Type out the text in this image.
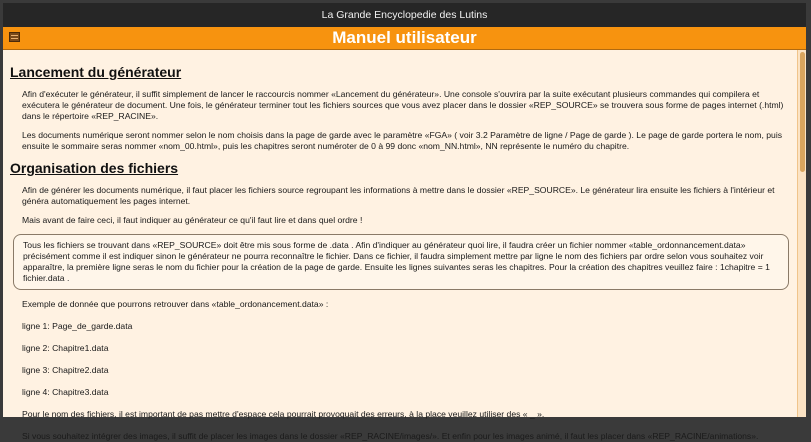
La Grande Encyclopedie des Lutins
Manuel utilisateur
Lancement du générateur

Afin d'exécuter le générateur, il suffit simplement de lancer le raccourcis nommer «Lancement du générateur». Une console s'ouvrira par la suite exécutant plusieurs commandes qui compilera et exécutera le générateur de document. Une fois, le générateur terminer tout les fichiers sources que vous avez placer dans le dossier «REP_SOURCE» se trouvera sous forme de pages internet (.html) dans le répertoire «REP_RACINE».

Les documents numérique seront nommer selon le nom choisis dans la page de garde avec le paramètre «FGA» ( voir 3.2 Paramètre de ligne / Page de garde ). Le page de garde portera le nom, puis ensuite le sommaire seras nommer «nom_00.html», puis les chapitres seront numéroter de 0 à 99 donc «nom_NN.html», NN représente le numéro du chapitre.

Organisation des fichiers

Afin de générer les documents numérique, il faut placer les fichiers source regroupant les informations à mettre dans le dossier «REP_SOURCE». Le générateur lira ensuite les fichiers à l'intérieur et généra automatiquement les pages internet.

Mais avant de faire ceci, il faut indiquer au générateur ce qu'il faut lire et dans quel ordre !

Tous les fichiers se trouvant dans «REP_SOURCE» doit être mis sous forme de .data . Afin d'indiquer au générateur quoi lire, il faudra créer un fichier nommer «table_ordonnancement.data» précisément comme il est indiquer sinon le générateur ne pourra reconnaître le fichier. Dans ce fichier, il faudra simplement mettre par ligne le nom des fichiers par ordre selon vous souhaitez voir apparaître, la première ligne seras le nom du fichier pour la création de la page de garde. Ensuite les lignes suivantes seras les chapitres. Pour la création des chapitres veuillez faire : 1chapitre = 1 fichier.data .

Exemple de donnée que pourrons retrouver dans «table_ordonancement.data» :

ligne 1: Page_de_garde.data

ligne 2: Chapitre1.data

ligne 3: Chapitre2.data

ligne 4: Chapitre3.data

Pour le nom des fichiers, il est important de pas mettre d'espace cela pourrait provoquait des erreurs, à la place veuillez utiliser des « _ ».

Si vous souhaitez intégrer des images, il suffit de placer les images dans le dossier «REP_RACINE/images/». Et enfin pour les images animé, il faut les placer dans «REP_RACINE/animations».
